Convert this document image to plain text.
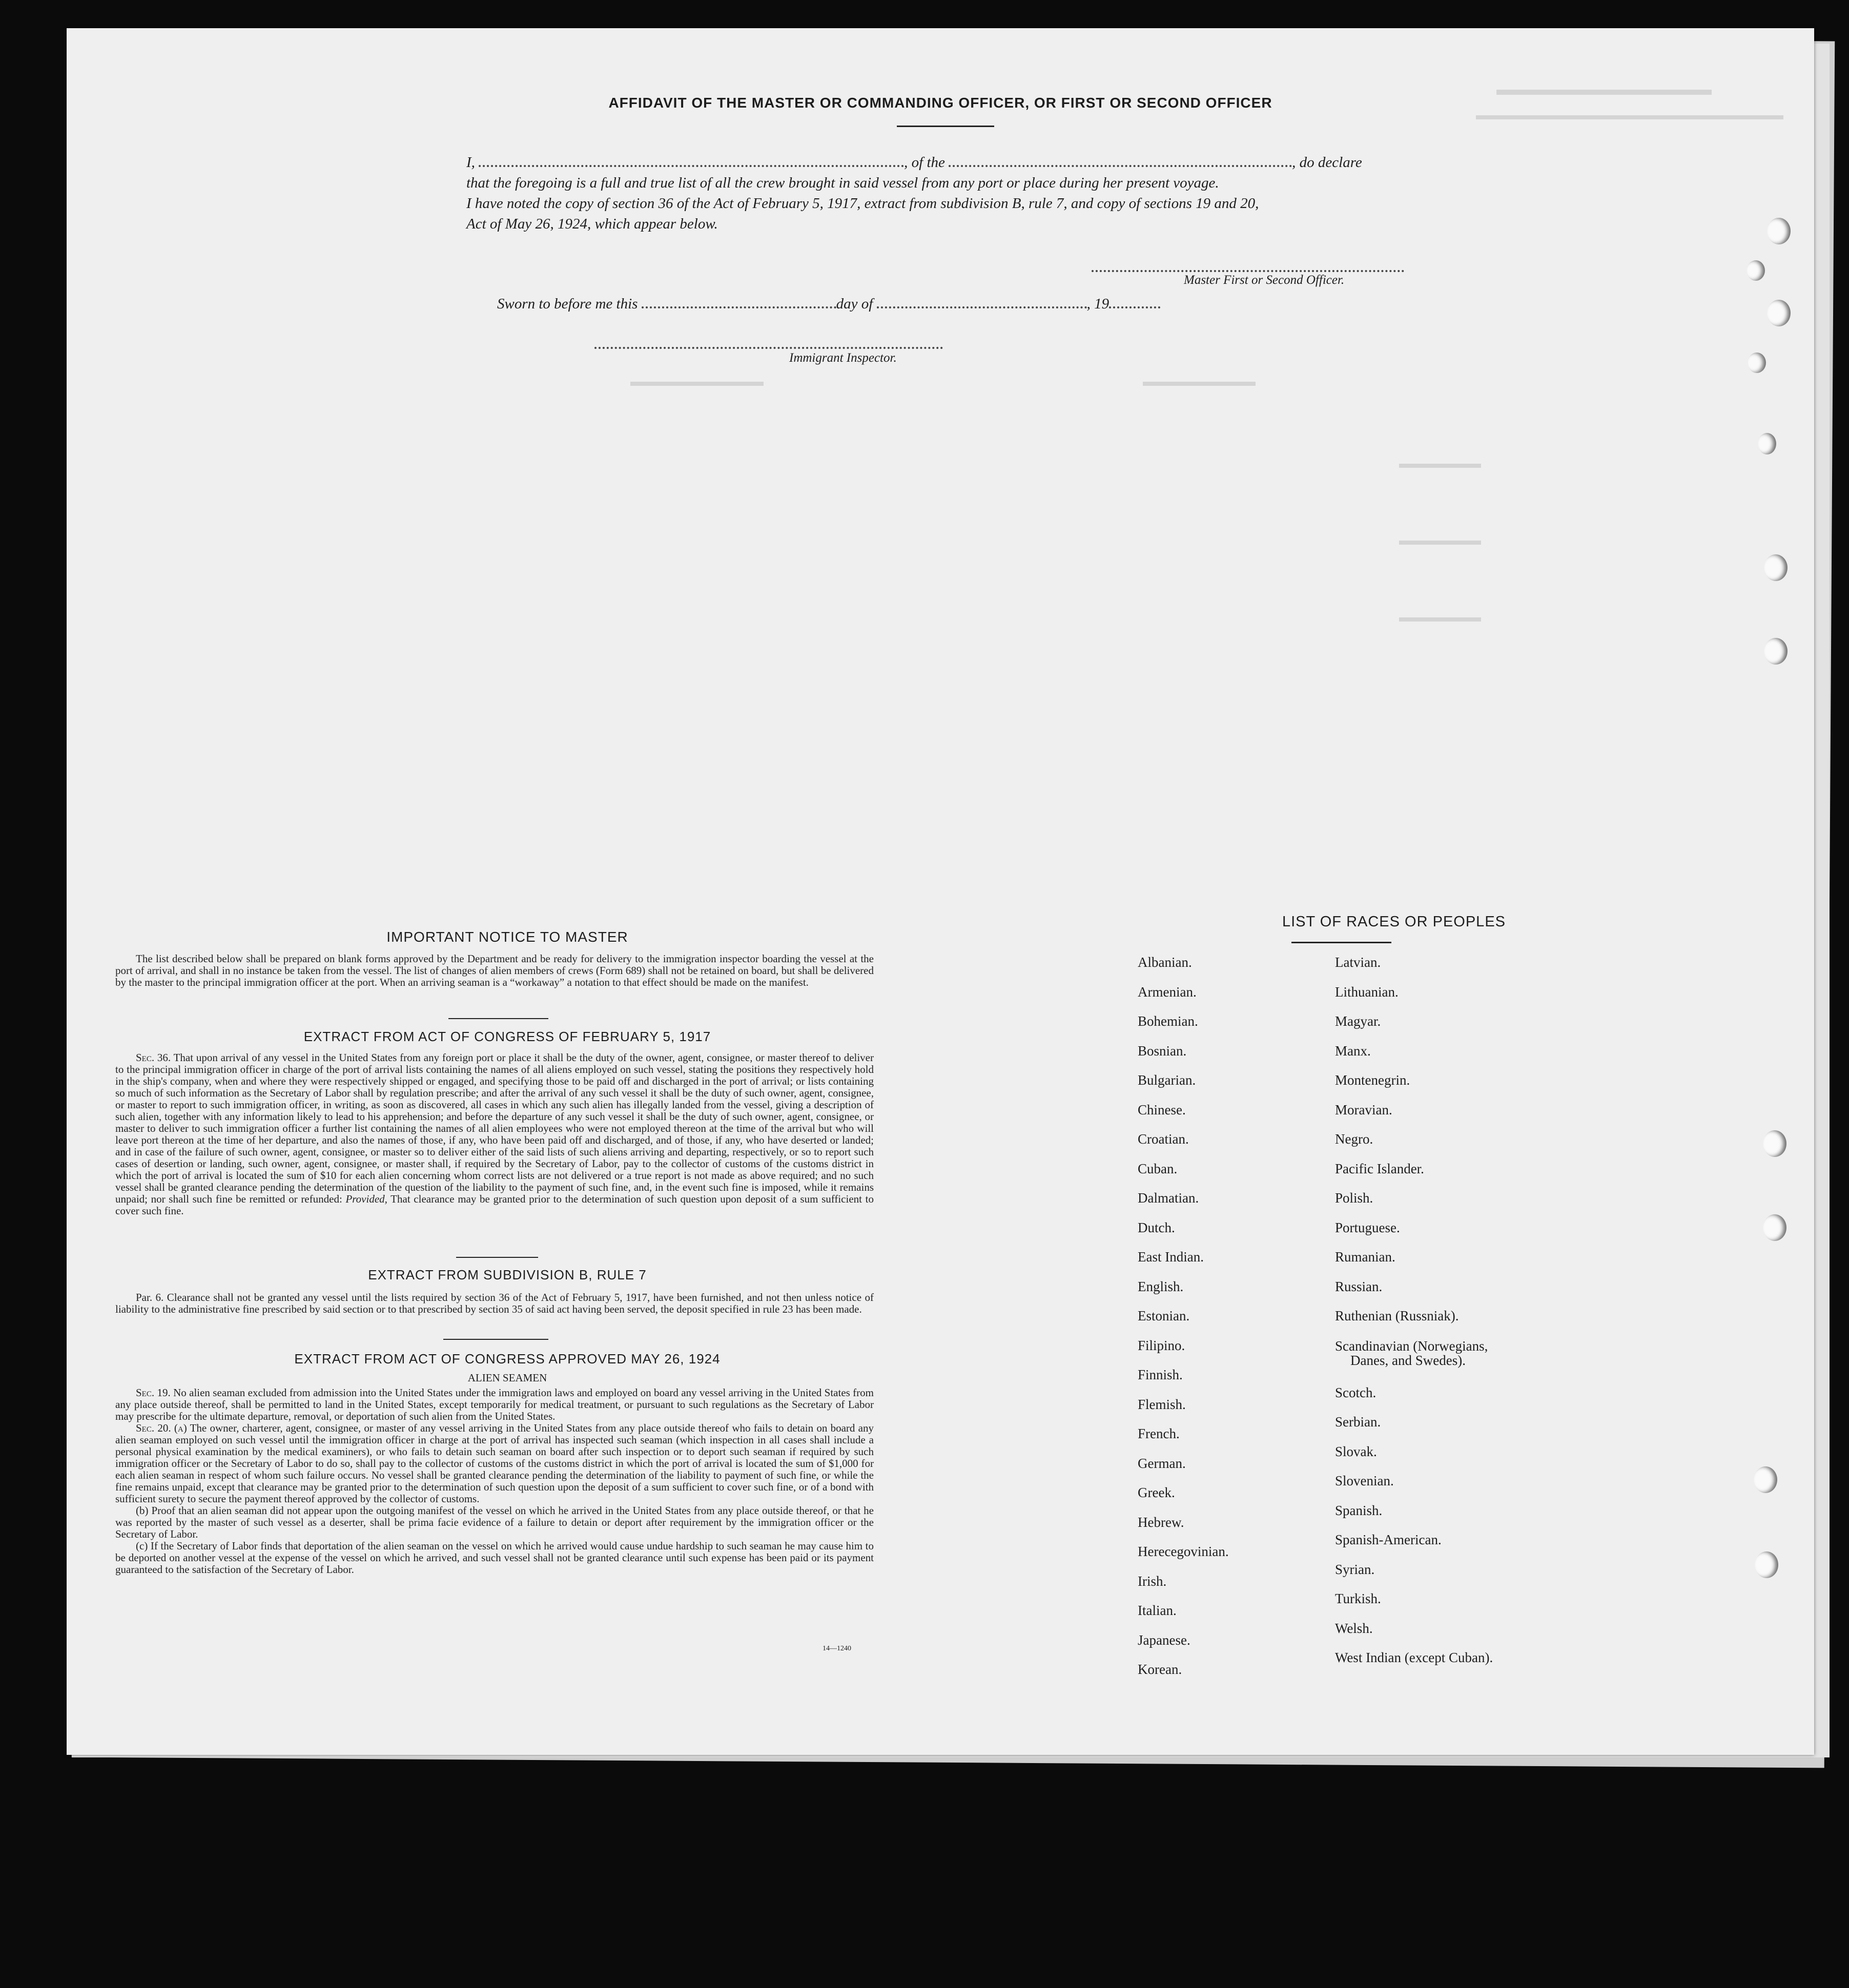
AFFIDAVIT OF THE MASTER OR COMMANDING OFFICER, OR FIRST OR SECOND OFFICER
I,	, of the	, do declare
that the foregoing is a full and true list of all the crew brought in said vessel from any port or place during her present voyage.
I have noted the copy of section 36 of the Act of February 5, 1917, extract from subdivision B, rule 7, and copy of sections 19 and 20,
Act of May 26, 1924, which appear below.
Master First or Second Officer.
Sworn to before me this	day of	, 19
Immigrant Inspector.
IMPORTANT NOTICE TO MASTER
The list described below shall be prepared on blank forms approved by the Department and be ready for delivery to the immigration inspector boarding the vessel at the port of arrival, and shall in no instance be taken from the vessel. The list of changes of alien members of crews (Form 689) shall not be retained on board, but shall be delivered by the master to the principal immigration officer at the port. When an arriving seaman is a “workaway” a notation to that effect should be made on the manifest.
EXTRACT FROM ACT OF CONGRESS OF FEBRUARY 5, 1917
Sec. 36. That upon arrival of any vessel in the United States from any foreign port or place it shall be the duty of the owner, agent, consignee, or master thereof to deliver to the principal immigration officer in charge of the port of arrival lists containing the names of all aliens employed on such vessel, stating the positions they respectively hold in the ship's company, when and where they were respectively shipped or engaged, and specifying those to be paid off and discharged in the port of arrival; or lists containing so much of such information as the Secretary of Labor shall by regulation prescribe; and after the arrival of any such vessel it shall be the duty of such owner, agent, consignee, or master to report to such immigration officer, in writing, as soon as discovered, all cases in which any such alien has illegally landed from the vessel, giving a description of such alien, together with any information likely to lead to his apprehension; and before the departure of any such vessel it shall be the duty of such owner, agent, consignee, or master to deliver to such immigration officer a further list containing the names of all alien employees who were not employed thereon at the time of the arrival but who will leave port thereon at the time of her departure, and also the names of those, if any, who have been paid off and discharged, and of those, if any, who have deserted or landed; and in case of the failure of such owner, agent, consignee, or master so to deliver either of the said lists of such aliens arriving and departing, respectively, or so to report such cases of desertion or landing, such owner, agent, consignee, or master shall, if required by the Secretary of Labor, pay to the collector of customs of the customs district in which the port of arrival is located the sum of $10 for each alien concerning whom correct lists are not delivered or a true report is not made as above required; and no such vessel shall be granted clearance pending the determination of the question of the liability to the payment of such fine, and, in the event such fine is imposed, while it remains unpaid; nor shall such fine be remitted or refunded: Provided, That clearance may be granted prior to the determination of such question upon deposit of a sum sufficient to cover such fine.
EXTRACT FROM SUBDIVISION B, RULE 7
Par. 6. Clearance shall not be granted any vessel until the lists required by section 36 of the Act of February 5, 1917, have been furnished, and not then unless notice of liability to the administrative fine prescribed by said section or to that prescribed by section 35 of said act having been served, the deposit specified in rule 23 has been made.
EXTRACT FROM ACT OF CONGRESS APPROVED MAY 26, 1924
ALIEN SEAMEN
Sec. 19. No alien seaman excluded from admission into the United States under the immigration laws and employed on board any vessel arriving in the United States from any place outside thereof, shall be permitted to land in the United States, except temporarily for medical treatment, or pursuant to such regulations as the Secretary of Labor may prescribe for the ultimate departure, removal, or deportation of such alien from the United States.
Sec. 20. (a) The owner, charterer, agent, consignee, or master of any vessel arriving in the United States from any place outside thereof who fails to detain on board any alien seaman employed on such vessel until the immigration officer in charge at the port of arrival has inspected such seaman (which inspection in all cases shall include a personal physical examination by the medical examiners), or who fails to detain such seaman on board after such inspection or to deport such seaman if required by such immigration officer or the Secretary of Labor to do so, shall pay to the collector of customs of the customs district in which the port of arrival is located the sum of $1,000 for each alien seaman in respect of whom such failure occurs. No vessel shall be granted clearance pending the determination of the liability to payment of such fine, or while the fine remains unpaid, except that clearance may be granted prior to the determination of such question upon the deposit of a sum sufficient to cover such fine, or of a bond with sufficient surety to secure the payment thereof approved by the collector of customs.
(b) Proof that an alien seaman did not appear upon the outgoing manifest of the vessel on which he arrived in the United States from any place outside thereof, or that he was reported by the master of such vessel as a deserter, shall be prima facie evidence of a failure to detain or deport after requirement by the immigration officer or the Secretary of Labor.
(c) If the Secretary of Labor finds that deportation of the alien seaman on the vessel on which he arrived would cause undue hardship to such seaman he may cause him to be deported on another vessel at the expense of the vessel on which he arrived, and such vessel shall not be granted clearance until such expense has been paid or its payment guaranteed to the satisfaction of the Secretary of Labor.
14—1240
LIST OF RACES OR PEOPLES
Albanian.
Armenian.
Bohemian.
Bosnian.
Bulgarian.
Chinese.
Croatian.
Cuban.
Dalmatian.
Dutch.
East Indian.
English.
Estonian.
Filipino.
Finnish.
Flemish.
French.
German.
Greek.
Hebrew.
Herecegovinian.
Irish.
Italian.
Japanese.
Korean.
Latvian.
Lithuanian.
Magyar.
Manx.
Montenegrin.
Moravian.
Negro.
Pacific Islander.
Polish.
Portuguese.
Rumanian.
Russian.
Ruthenian (Russniak).
Scandinavian (Norwegians,
Danes, and Swedes).
Scotch.
Serbian.
Slovak.
Slovenian.
Spanish.
Spanish-American.
Syrian.
Turkish.
Welsh.
West Indian (except Cuban).
